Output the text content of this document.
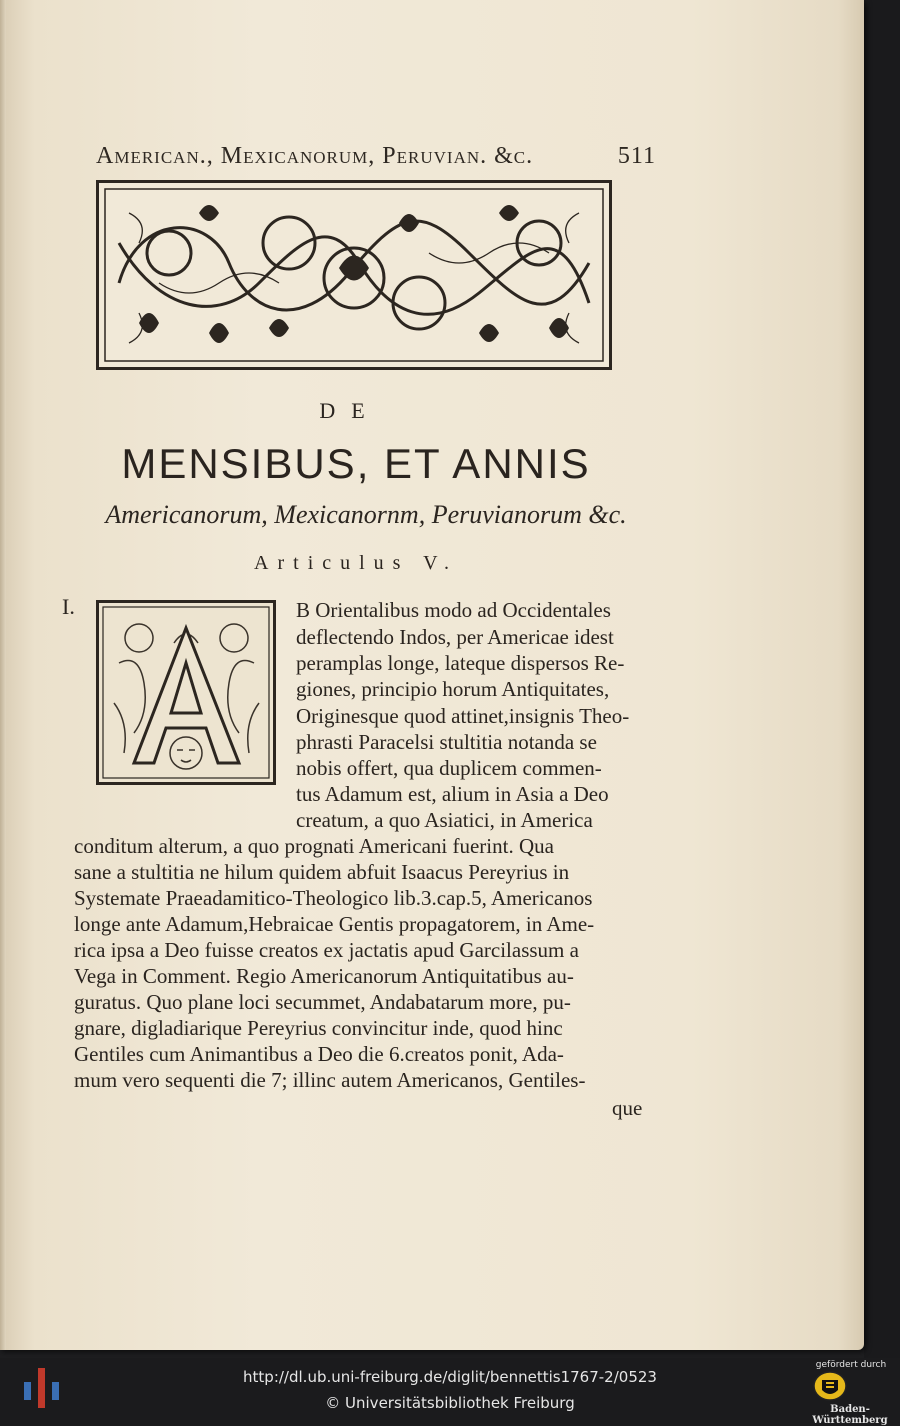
American., Mexicanorum, Peruvian. &c.	511
DE
MENSIBUS, ET ANNIS
Americanorum, Mexicanornm, Peruvianorum &c.
Articulus V.
I.	B Orientalibus modo ad Occidentales
deflectendo Indos, per Americae idest
peramplas longe, lateque dispersos Re-
giones, principio horum Antiquitates,
Originesque quod attinet,insignis Theo-
phrasti Paracelsi stultitia notanda se
nobis offert, qua duplicem commen-
tus Adamum est, alium in Asia a Deo
creatum, a quo Asiatici, in America
conditum alterum, a quo prognati Americani fuerint. Qua
sane a stultitia ne hilum quidem abfuit Isaacus Pereyrius in
Systemate Praeadamitico-Theologico lib.3.cap.5, Americanos
longe ante Adamum,Hebraicae Gentis propagatorem, in Ame-
rica ipsa a Deo fuisse creatos ex jactatis apud Garcilassum a
Vega in Comment. Regio Americanorum Antiquitatibus au-
guratus. Quo plane loci secummet, Andabatarum more, pu-
gnare, digladiarique Pereyrius convincitur inde, quod hinc
Gentiles cum Animantibus a Deo die 6.creatos ponit, Ada-
mum vero sequenti die 7; illinc autem Americanos, Gentiles-
que
http://dl.ub.uni-freiburg.de/diglit/bennettis1767-2/0523
© Universitätsbibliothek Freiburg
gefördert durch
Baden-Württemberg
